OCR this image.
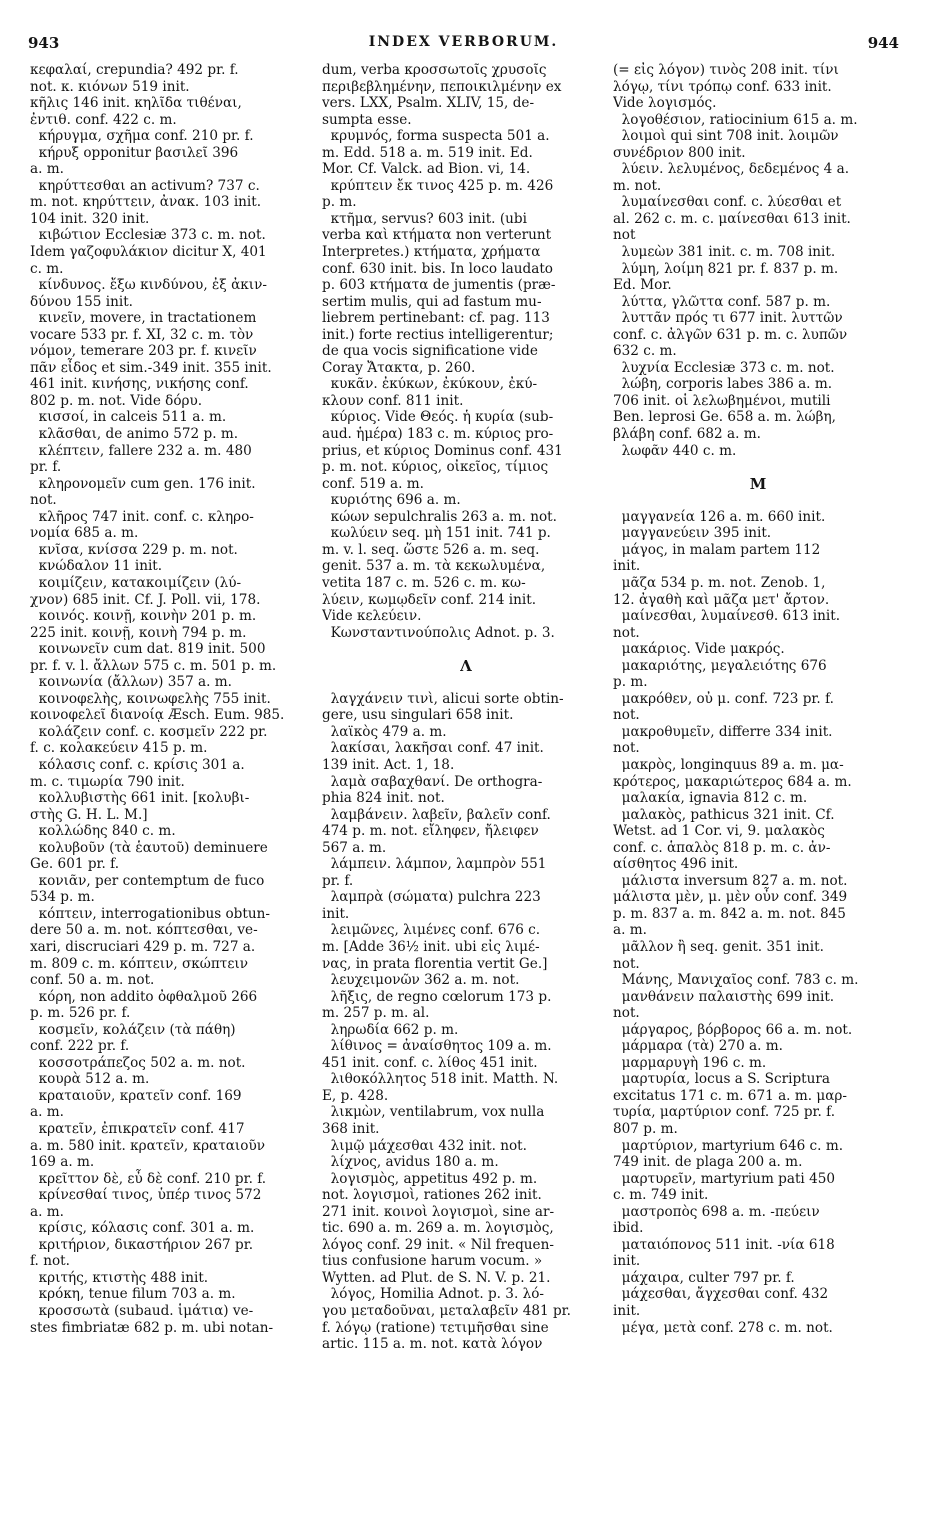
943	INDEX VERBORUM.	944
κεφαλαί, crepundia? 492 pr. f.
not. κ. κιόνων 519 init.
κῆλις 146 init. κηλῖδα τιθέναι,
ἐντιθ. conf. 422 c. m.
κήρυγμα, σχῆμα conf. 210 pr. f.
κήρυξ opponitur βασιλεῖ 396
a. m.
κηρύττεσθαι an activum? 737 c.
m. not. κηρύττειν, ἀνακ. 103 init.
104 init. 320 init.
κιβώτιον Ecclesiæ 373 c. m. not.
Idem γαζοφυλάκιον dicitur X, 401
c. m.
κίνδυνος. ἔξω κινδύνου, ἐξ ἀκιν-
δύνου 155 init.
κινεῖν, movere, in tractationem
vocare 533 pr. f. XI, 32 c. m. τὸν
νόμον, temerare 203 pr. f. κινεῖν
πᾶν εἶδος et sim.-349 init. 355 init.
461 init. κινήσης, νικήσης conf.
802 p. m. not. Vide δόρυ.
κισσοί, in calceis 511 a. m.
κλᾶσθαι, de animo 572 p. m.
κλέπτειν, fallere 232 a. m. 480
pr. f.
κληρονομεῖν cum gen. 176 init.
not.
κλῆρος 747 init. conf. c. κληρο-
νομία 685 a. m.
κνῖσα, κνίσσα 229 p. m. not.
κνώδαλον 11 init.
κοιμίζειν, κατακοιμίζειν (λύ-
χνον) 685 init. Cf. J. Poll. vii, 178.
κοινός. κοινῇ, κοινὴν 201 p. m.
225 init. κοινῇ, κοινὴ 794 p. m.
κοινωνεῖν cum dat. 819 init. 500
pr. f. v. l. ἄλλων 575 c. m. 501 p. m.
κοινωνία (ἄλλων) 357 a. m.
κοινοφελὴς, κοινωφελὴς 755 init.
κοινοφελεῖ διανοίᾳ Æsch. Eum. 985.
κολάζειν conf. c. κοσμεῖν 222 pr.
f. c. κολακεύειν 415 p. m.
κόλασις conf. c. κρίσις 301 a.
m. c. τιμωρία 790 init.
κολλυβιστὴς 661 init. [κολυβι-
στὴς G. H. L. M.]
κολλώδης 840 c. m.
κολυβοῦν (τὰ ἑαυτοῦ) deminuere
Ge. 601 pr. f.
κονιᾶν, per contemptum de fuco
534 p. m.
κόπτειν, interrogationibus obtun-
dere 50 a. m. not. κόπτεσθαι, ve-
xari, discruciari 429 p. m. 727 a.
m. 809 c. m. κόπτειν, σκώπτειν
conf. 50 a. m. not.
κόρη, non addito ὀφθαλμοῦ 266
p. m. 526 pr. f.
κοσμεῖν, κολάζειν (τὰ πάθη)
conf. 222 pr. f.
κοσσοτράπεζος 502 a. m. not.
κουρὰ 512 a. m.
κραταιοῦν, κρατεῖν conf. 169
a. m.
κρατεῖν, ἐπικρατεῖν conf. 417
a. m. 580 init. κρατεῖν, κραταιοῦν
169 a. m.
κρεῖττον δὲ, εὖ δὲ conf. 210 pr. f.
κρίνεσθαί τινος, ὑπέρ τινος 572
a. m.
κρίσις, κόλασις conf. 301 a. m.
κριτήριον, δικαστήριον 267 pr.
f. not.
κριτής, κτιστὴς 488 init.
κρόκη, tenue filum 703 a. m.
κροσσωτὰ (subaud. ἱμάτια) ve-
stes fimbriatæ 682 p. m. ubi notan-
dum, verba κροσσωτοῖς χρυσοῖς
περιβεβλημένην, πεποικιλμένην ex
vers. LXX, Psalm. XLIV, 15, de-
sumpta esse.
κρυμνός, forma suspecta 501 a.
m. Edd. 518 a. m. 519 init. Ed.
Mor. Cf. Valck. ad Bion. vi, 14.
κρύπτειν ἔκ τινος 425 p. m. 426
p. m.
κτῆμα, servus? 603 init. (ubi
verba καὶ κτήματα non verterunt
Interpretes.) κτήματα, χρήματα
conf. 630 init. bis. In loco laudato
p. 603 κτήματα de jumentis (præ-
sertim mulis, qui ad fastum mu-
liebrem pertinebant: cf. pag. 113
init.) forte rectius intelligerentur;
de qua vocis significatione vide
Coray Ἄτακτα, p. 260.
κυκᾶν. ἐκύκων, ἐκύκουν, ἐκύ-
κλουν conf. 811 init.
κύριος. Vide Θεός. ἡ κυρία (sub-
aud. ἡμέρα) 183 c. m. κύριος pro-
prius, et κύριος Dominus conf. 431
p. m. not. κύριος, οἰκεῖος, τίμιος
conf. 519 a. m.
κυριότης 696 a. m.
κώων sepulchralis 263 a. m. not.
κωλύειν seq. μὴ 151 init. 741 p.
m. v. l. seq. ὥστε 526 a. m. seq.
genit. 537 a. m. τὰ κεκωλυμένα,
vetita 187 c. m. 526 c. m. κω-
λύειν, κωμῳδεῖν conf. 214 init.
Vide κελεύειν.
Κωνσταντινούπολις Adnot. p. 3.
Λ
λαγχάνειν τινὶ, alicui sorte obtin-
gere, usu singulari 658 init.
λαϊκὸς 479 a. m.
λακίσαι, λακῆσαι conf. 47 init.
139 init. Act. 1, 18.
λαμὰ σαβαχθανί. De orthogra-
phia 824 init. not.
λαμβάνειν. λαβεῖν, βαλεῖν conf.
474 p. m. not. εἴληφεν, ἤλειφεν
567 a. m.
λάμπειν. λάμπον, λαμπρὸν 551
pr. f.
λαμπρὰ (σώματα) pulchra 223
init.
λειμῶνες, λιμένες conf. 676 c.
m. [Adde 36½ init. ubi εἰς λιμέ-
νας, in prata florentia vertit Ge.]
λευχειμονῶν 362 a. m. not.
λῆξις, de regno cœlorum 173 p.
m. 257 p. m. al.
ληρωδία 662 p. m.
λίθινος = ἀναίσθητος 109 a. m.
451 init. conf. c. λίθος 451 init.
λιθοκόλλητος 518 init. Matth. N.
E, p. 428.
λικμὼν, ventilabrum, vox nulla
368 init.
λιμῷ μάχεσθαι 432 init. not.
λίχνος, avidus 180 a. m.
λογισμὸς, appetitus 492 p. m.
not. λογισμοὶ, rationes 262 init.
271 init. κοινοὶ λογισμοὶ, sine ar-
tic. 690 a. m. 269 a. m. λογισμὸς,
λόγος conf. 29 init. « Nil frequen-
tius confusione harum vocum. »
Wytten. ad Plut. de S. N. V. p. 21.
λόγος, Homilia Adnot. p. 3. λό-
γου μεταδοῦναι, μεταλαβεῖν 481 pr.
f. λόγῳ (ratione) τετιμῆσθαι sine
artic. 115 a. m. not. κατὰ λόγον
(= εἰς λόγον) τινὸς 208 init. τίνι
λόγῳ, τίνι τρόπῳ conf. 633 init.
Vide λογισμός.
λογοθέσιον, ratiocinium 615 a. m.
λοιμοὶ qui sint 708 init. λοιμῶν
συνέδριον 800 init.
λύειν. λελυμένος, δεδεμένος 4 a.
m. not.
λυμαίνεσθαι conf. c. λύεσθαι et
al. 262 c. m. c. μαίνεσθαι 613 init.
not
λυμεὼν 381 init. c. m. 708 init.
λύμη, λοίμη 821 pr. f. 837 p. m.
Ed. Mor.
λύττα, γλῶττα conf. 587 p. m.
λυττᾶν πρός τι 677 init. λυττῶν
conf. c. ἀλγῶν 631 p. m. c. λυπῶν
632 c. m.
λυχνία Ecclesiæ 373 c. m. not.
λώβη, corporis labes 386 a. m.
706 init. οἱ λελωβημένοι, mutili
Ben. leprosi Ge. 658 a. m. λώβη,
βλάβη conf. 682 a. m.
λωφᾶν 440 c. m.
M
μαγγανεία 126 a. m. 660 init.
μαγγανεύειν 395 init.
μάγος, in malam partem 112
init.
μᾶζα 534 p. m. not. Zenob. 1,
12. ἀγαθὴ καὶ μᾶζα μετ' ἄρτον.
μαίνεσθαι, λυμαίνεσθ. 613 init.
not.
μακάριος. Vide μακρός.
μακαριότης, μεγαλειότης 676
p. m.
μακρόθεν, οὐ μ. conf. 723 pr. f.
not.
μακροθυμεῖν, differre 334 init.
not.
μακρὸς, longinquus 89 a. m. μα-
κρότερος, μακαριώτερος 684 a. m.
μαλακία, ignavia 812 c. m.
μαλακὸς, pathicus 321 init. Cf.
Wetst. ad 1 Cor. vi, 9. μαλακὸς
conf. c. ἁπαλὸς 818 p. m. c. ἀν-
αίσθητος 496 init.
μάλιστα inversum 827 a. m. not.
μάλιστα μὲν, μ. μὲν οὖν conf. 349
p. m. 837 a. m. 842 a. m. not. 845
a. m.
μᾶλλον ἢ seq. genit. 351 init.
not.
Μάνης, Μανιχαῖος conf. 783 c. m.
μανθάνειν παλαιστὴς 699 init.
not.
μάργαρος, βόρβορος 66 a. m. not.
μάρμαρα (τὰ) 270 a. m.
μαρμαρυγὴ 196 c. m.
μαρτυρία, locus a S. Scriptura
excitatus 171 c. m. 671 a. m. μαρ-
τυρία, μαρτύριον conf. 725 pr. f.
807 p. m.
μαρτύριον, martyrium 646 c. m.
749 init. de plaga 200 a. m.
μαρτυρεῖν, martyrium pati 450
c. m. 749 init.
μαστροπὸς 698 a. m. -πεύειν
ibid.
ματαιόπονος 511 init. -νία 618
init.
μάχαιρα, culter 797 pr. f.
μάχεσθαι, ἄγχεσθαι conf. 432
init.
μέγα, μετὰ conf. 278 c. m. not.
